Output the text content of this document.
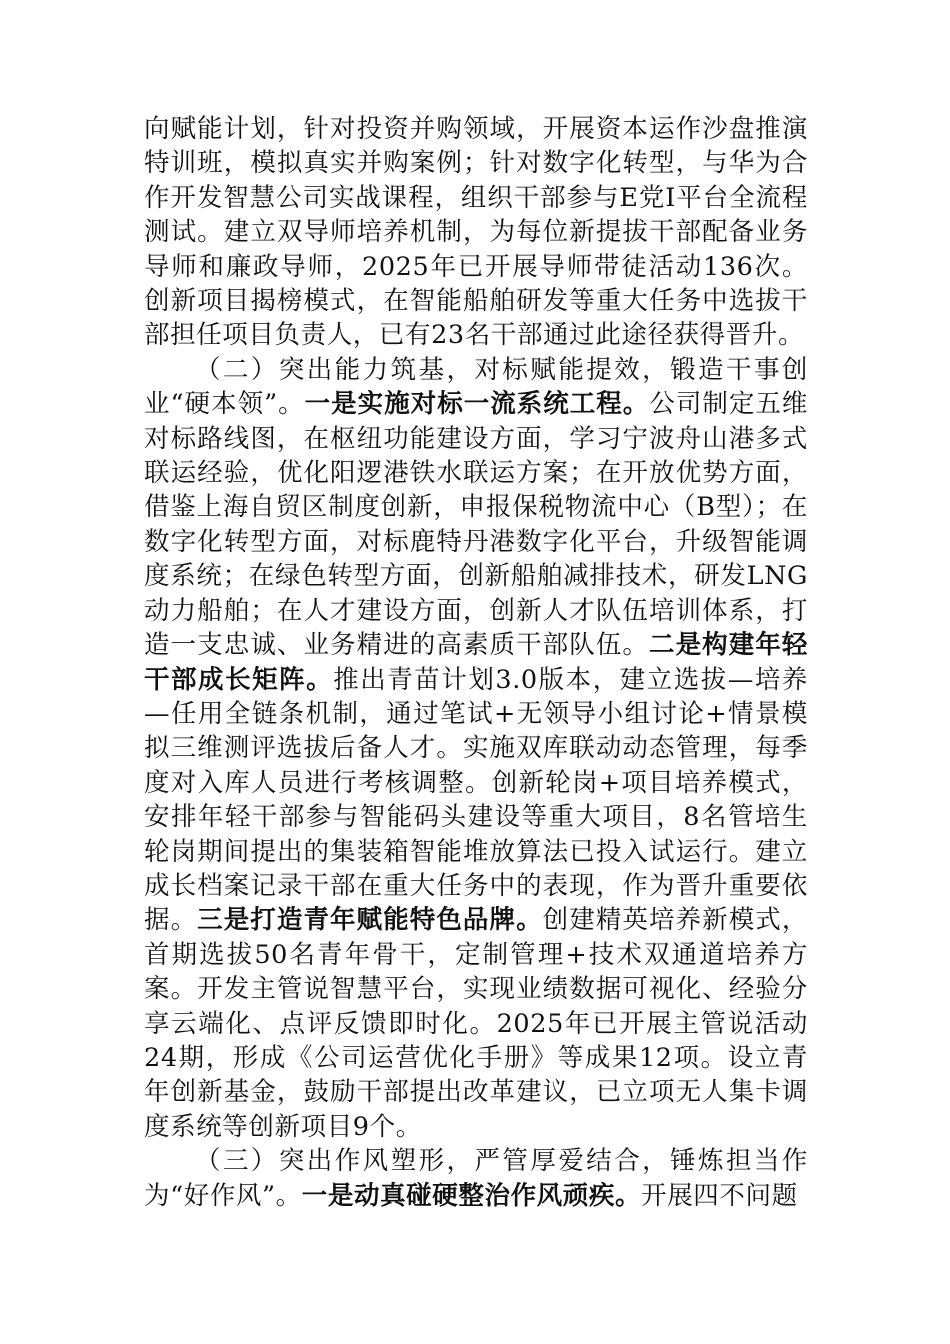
向赋能计划，针对投资并购领域，开展资本运作沙盘推演特训班，模拟真实并购案例；针对数字化转型，与华为合作开发智慧公司实战课程，组织干部参与E党I平台全流程测试。建立双导师培养机制，为每位新提拔干部配备业务导师和廉政导师，2025年已开展导师带徒活动136次。创新项目揭榜模式，在智能船舶研发等重大任务中选拔干部担任项目负责人，已有23名干部通过此途径获得晋升。

（二）突出能力筑基，对标赋能提效，锻造干事创业“硬本领”。一是实施对标一流系统工程。公司制定五维对标路线图，在枢纽功能建设方面，学习宁波舟山港多式联运经验，优化阳逻港铁水联运方案；在开放优势方面，借鉴上海自贸区制度创新，申报保税物流中心（B型）；在数字化转型方面，对标鹿特丹港数字化平台，升级智能调度系统；在绿色转型方面，创新船舶减排技术，研发LNG动力船舶；在人才建设方面，创新人才队伍培训体系，打造一支忠诚、业务精进的高素质干部队伍。二是构建年轻干部成长矩阵。推出青苗计划3.0版本，建立选拔—培养—任用全链条机制，通过笔试+无领导小组讨论+情景模拟三维测评选拔后备人才。实施双库联动动态管理，每季度对入库人员进行考核调整。创新轮岗+项目培养模式，安排年轻干部参与智能码头建设等重大项目，8名管培生轮岗期间提出的集装箱智能堆放算法已投入试运行。建立成长档案记录干部在重大任务中的表现，作为晋升重要依据。三是打造青年赋能特色品牌。创建精英培养新模式，首期选拔50名青年骨干，定制管理+技术双通道培养方案。开发主管说智慧平台，实现业绩数据可视化、经验分享云端化、点评反馈即时化。2025年已开展主管说活动24期，形成《公司运营优化手册》等成果12项。设立青年创新基金，鼓励干部提出改革建议，已立项无人集卡调度系统等创新项目9个。

（三）突出作风塑形，严管厚爱结合，锤炼担当作为“好作风”。一是动真碰硬整治作风顽疾。开展四不问题
